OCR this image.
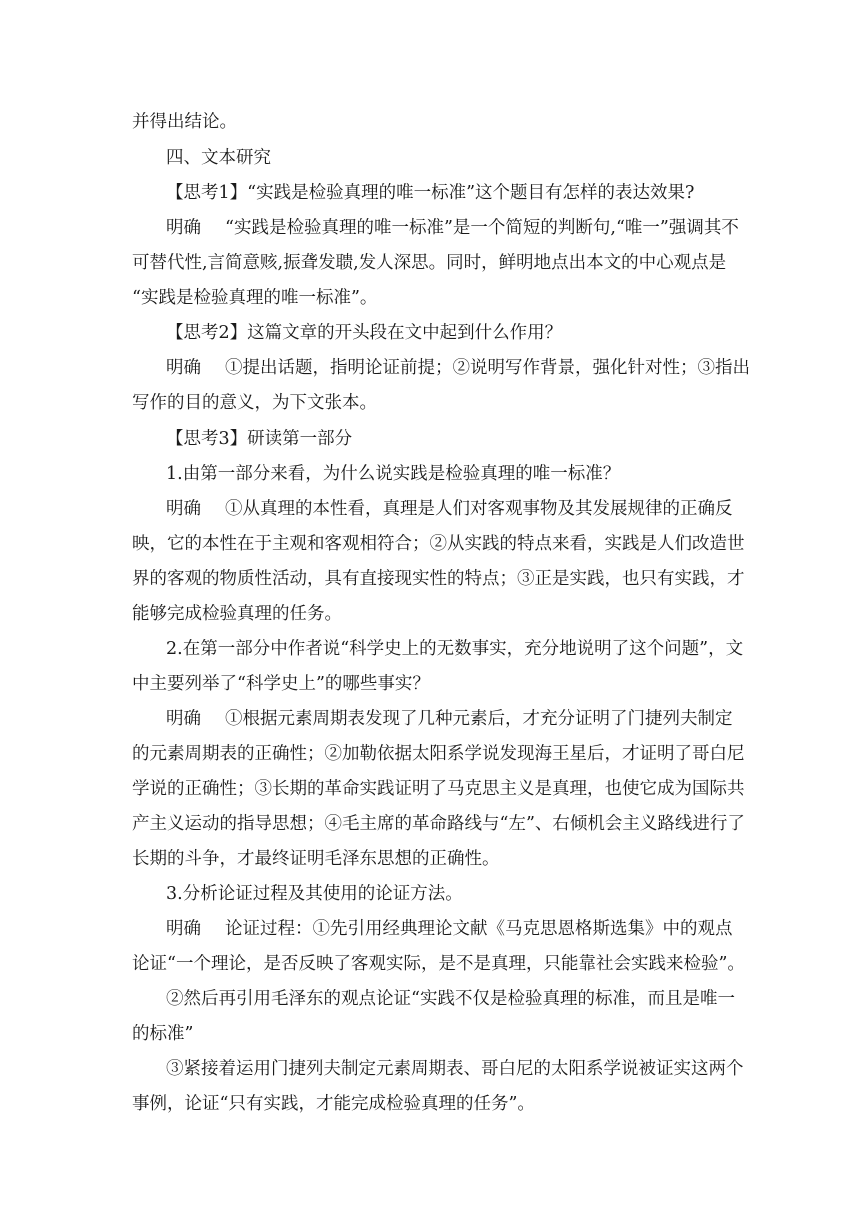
并得出结论。
四、文本研究
【思考1】“实践是检验真理的唯一标准”这个题目有怎样的表达效果?
明确 “实践是检验真理的唯一标准”是一个简短的判断句,“唯一”强调其不
可替代性,言简意赅,振聋发聩,发人深思。同时，鲜明地点出本文的中心观点是
“实践是检验真理的唯一标准”。
【思考2】这篇文章的开头段在文中起到什么作用？
明确 ①提出话题，指明论证前提；②说明写作背景，强化针对性；③指出
写作的目的意义，为下文张本。
【思考3】研读第一部分
1.由第一部分来看，为什么说实践是检验真理的唯一标准？
明确 ①从真理的本性看，真理是人们对客观事物及其发展规律的正确反
映，它的本性在于主观和客观相符合；②从实践的特点来看，实践是人们改造世
界的客观的物质性活动，具有直接现实性的特点；③正是实践，也只有实践，才
能够完成检验真理的任务。
2.在第一部分中作者说“科学史上的无数事实，充分地说明了这个问题”，文
中主要列举了“科学史上”的哪些事实？
明确 ①根据元素周期表发现了几种元素后，才充分证明了门捷列夫制定
的元素周期表的正确性；②加勒依据太阳系学说发现海王星后，才证明了哥白尼
学说的正确性；③长期的革命实践证明了马克思主义是真理，也使它成为国际共
产主义运动的指导思想；④毛主席的革命路线与“左”、右倾机会主义路线进行了
长期的斗争，才最终证明毛泽东思想的正确性。
3.分析论证过程及其使用的论证方法。
明确 论证过程：①先引用经典理论文献《马克思恩格斯选集》中的观点
论证“一个理论，是否反映了客观实际，是不是真理，只能靠社会实践来检验”。
②然后再引用毛泽东的观点论证“实践不仅是检验真理的标准，而且是唯一
的标准”
③紧接着运用门捷列夫制定元素周期表、哥白尼的太阳系学说被证实这两个
事例，论证“只有实践，才能完成检验真理的任务”。
